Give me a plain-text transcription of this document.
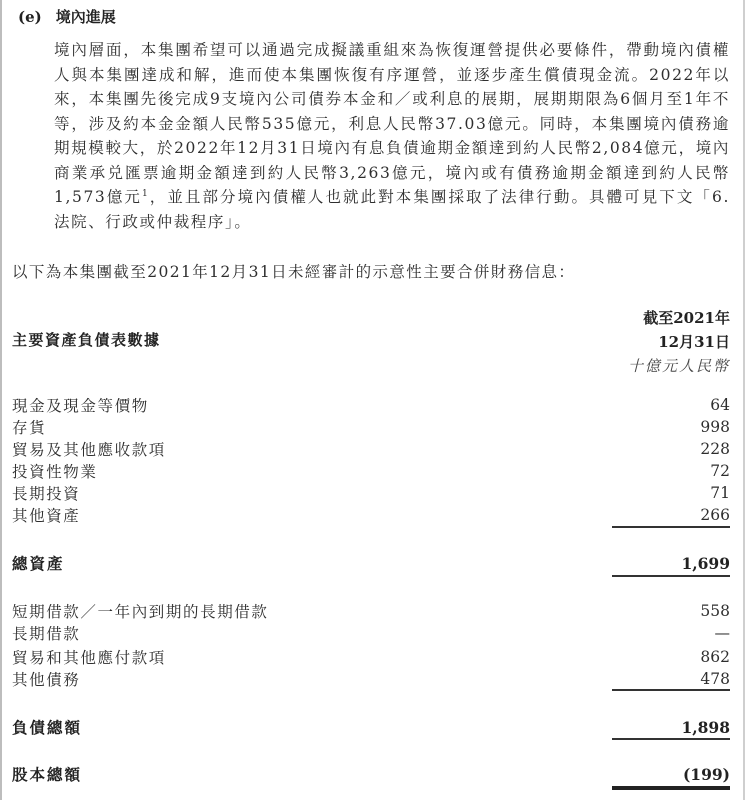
(e) 境內進展
境內層面，本集團希望可以通過完成擬議重組來為恢復運營提供必要條件，帶動境內債權人與本集團達成和解，進而使本集團恢復有序運營，並逐步產生償債現金流。2022年以來，本集團先後完成9支境內公司債券本金和／或利息的展期，展期期限為6個月至1年不等，涉及約本金金額人民幣535億元，利息人民幣37.03億元。同時，本集團境內債務逾期規模較大，於2022年12月31日境內有息負債逾期金額達到約人民幣2,084億元，境內商業承兑匯票逾期金額達到約人民幣3,263億元，境內或有債務逾期金額達到約人民幣1,573億元$^1$，並且部分境內債權人也就此對本集團採取了法律行動。具體可見下文「6.法院、行政或仲裁程序」。
以下為本集團截至2021年12月31日未經審計的示意性主要合併財務信息：
截至2021年
12月31日
十億元人民幣
主要資產負債表數據
現金及現金等價物	64
存貨	998
貿易及其他應收款項	228
投資性物業	72
長期投資	71
其他資產	266
總資產	1,699
短期借款／一年內到期的長期借款	558
長期借款	—
貿易和其他應付款項	862
其他債務	478
負債總額	1,898
股本總額	(199)
